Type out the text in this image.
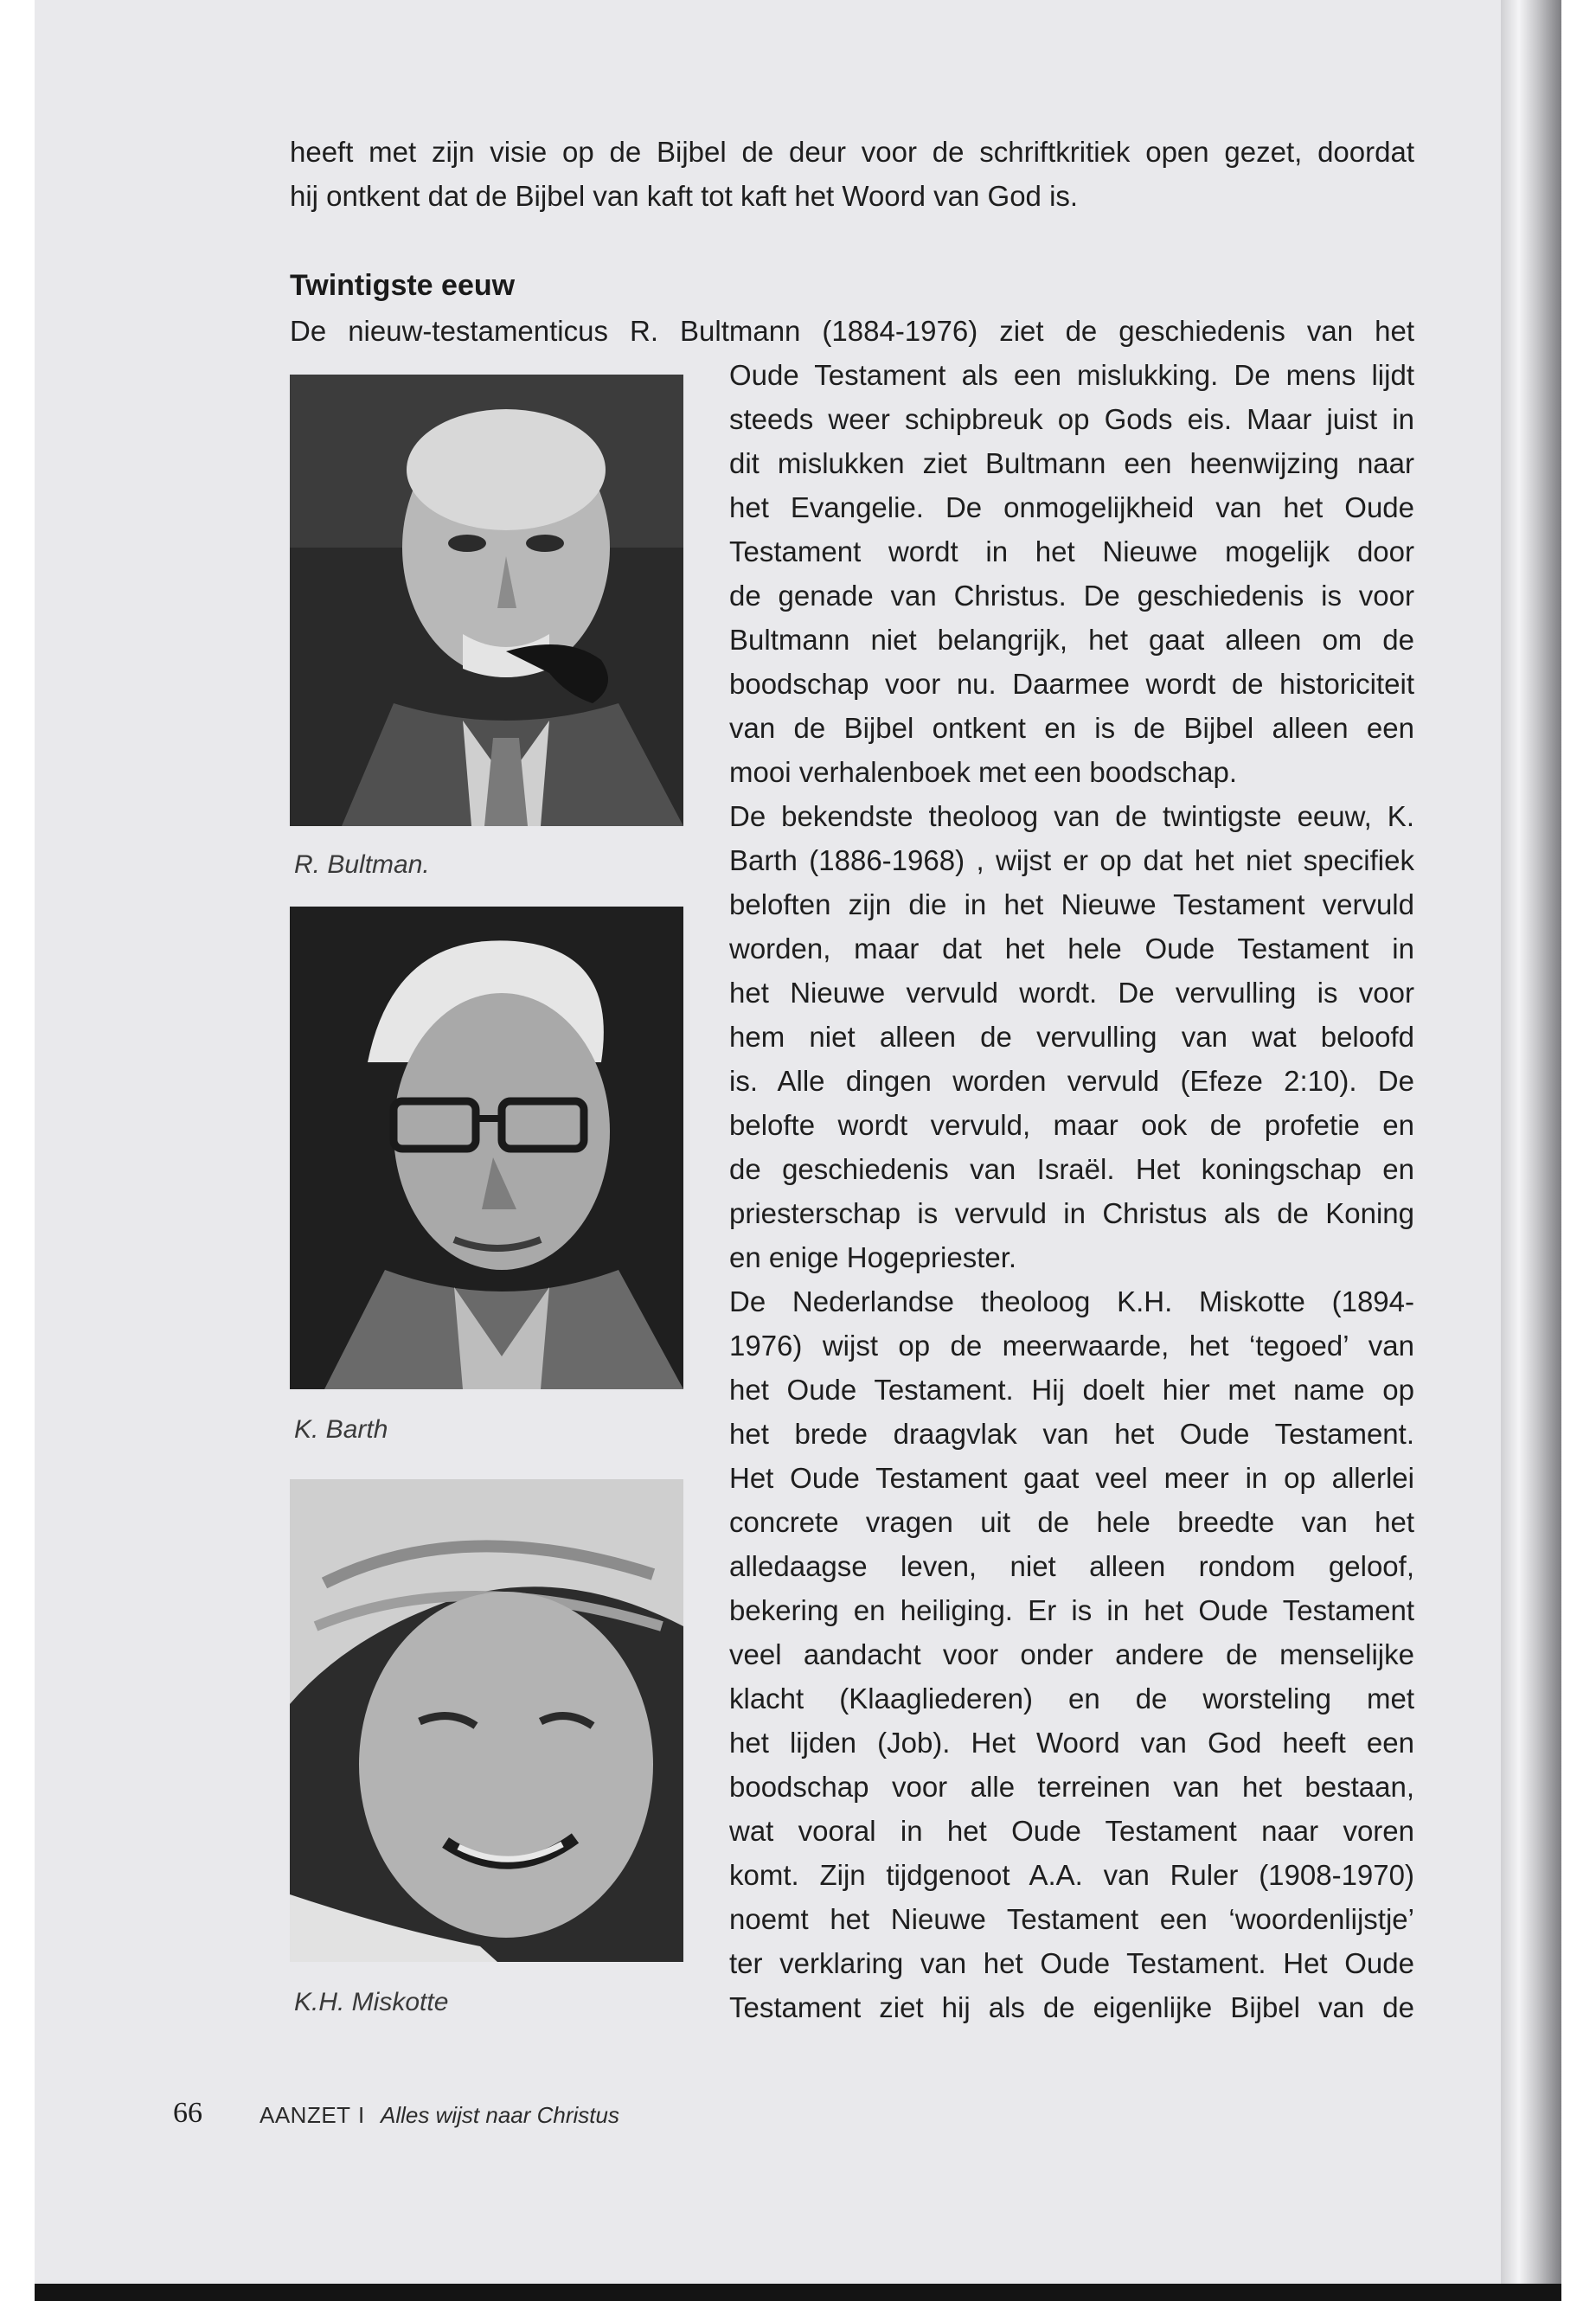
heeft met zijn visie op de Bijbel de deur voor de schriftkritiek open gezet, doordat

hij ontkent dat de Bijbel van kaft tot kaft het Woord van God is.

Twintigste eeuw

De nieuw-testamenticus R. Bultmann (1884-1976) ziet de geschiedenis van het

Oude Testament als een mislukking. De mens lijdt
steeds weer schipbreuk op Gods eis. Maar juist in
dit mislukken ziet Bultmann een heenwijzing naar
het Evangelie. De onmogelijkheid van het Oude
Testament wordt in het Nieuwe mogelijk door
de genade van Christus. De geschiedenis is voor
Bultmann niet belangrijk, het gaat alleen om de
boodschap voor nu. Daarmee wordt de historiciteit
van de Bijbel ontkent en is de Bijbel alleen een
mooi verhalenboek met een boodschap.
De bekendste theoloog van de twintigste eeuw, K.
Barth (1886-1968) , wijst er op dat het niet specifiek
beloften zijn die in het Nieuwe Testament vervuld
worden, maar dat het hele Oude Testament in
het Nieuwe vervuld wordt. De vervulling is voor
hem niet alleen de vervulling van wat beloofd
is. Alle dingen worden vervuld (Efeze 2:10). De
belofte wordt vervuld, maar ook de profetie en
de geschiedenis van Israël. Het koningschap en
priesterschap is vervuld in Christus als de Koning
en enige Hogepriester.
De Nederlandse theoloog K.H. Miskotte (1894-
1976) wijst op de meerwaarde, het ‘tegoed’ van
het Oude Testament. Hij doelt hier met name op
het brede draagvlak van het Oude Testament.
Het Oude Testament gaat veel meer in op allerlei
concrete vragen uit de hele breedte van het
alledaagse leven, niet alleen rondom geloof,
bekering en heiliging. Er is in het Oude Testament
veel aandacht voor onder andere de menselijke
klacht (Klaagliederen) en de worsteling met
het lijden (Job). Het Woord van God heeft een
boodschap voor alle terreinen van het bestaan,
wat vooral in het Oude Testament naar voren
komt. Zijn tijdgenoot A.A. van Ruler (1908-1970)
noemt het Nieuwe Testament een ‘woordenlijstje’
ter verklaring van het Oude Testament. Het Oude
Testament ziet hij als de eigenlijke Bijbel van de

R. Bultman.

K. Barth

K.H. Miskotte

66	AANZET I Alles wijst naar Christus
